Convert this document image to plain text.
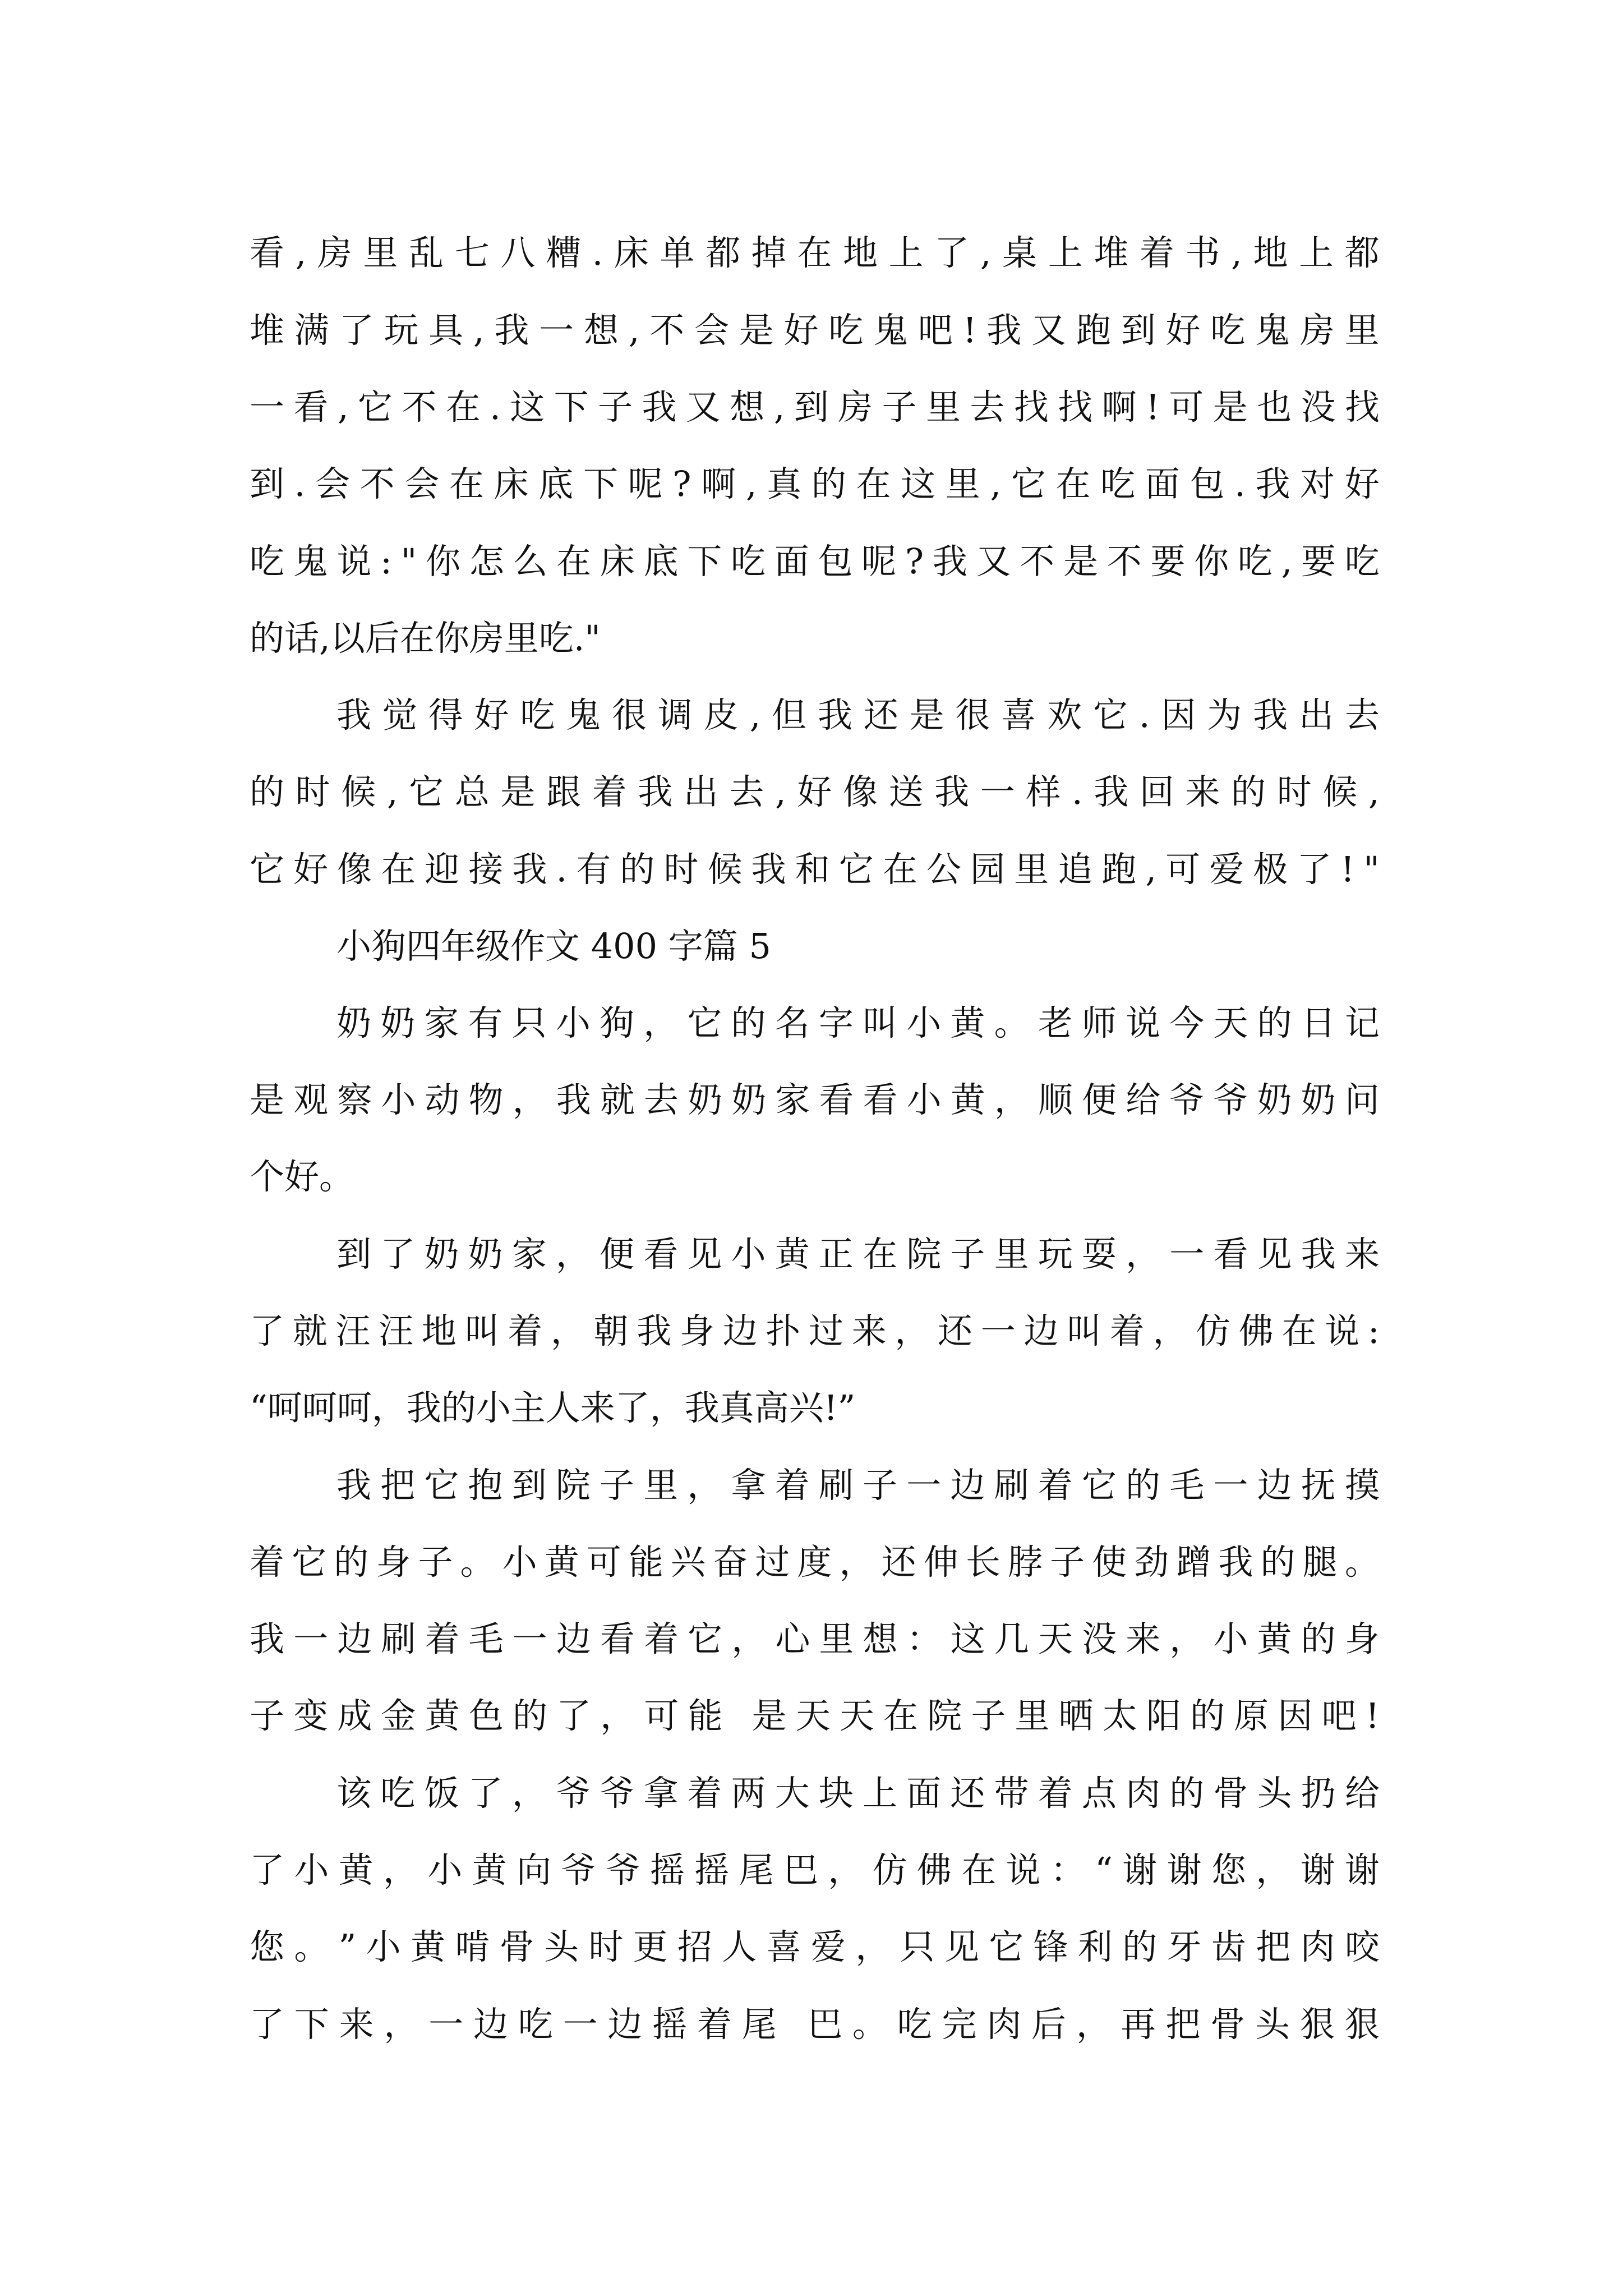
看 , 房 里 乱 七 八 糟 . 床 单 都 掉 在 地 上 了 , 桌 上 堆 着 书 , 地 上 都
堆 满 了 玩 具 , 我 一 想 , 不 会 是 好 吃 鬼 吧 ! 我 又 跑 到 好 吃 鬼 房 里
一 看 , 它 不 在 . 这 下 子 我 又 想 , 到 房 子 里 去 找 找 啊 ! 可 是 也 没 找
到 . 会 不 会 在 床 底 下 呢 ? 啊 , 真 的 在 这 里 , 它 在 吃 面 包 . 我 对 好
吃 鬼 说 : " 你 怎 么 在 床 底 下 吃 面 包 呢 ? 我 又 不 是 不 要 你 吃 , 要 吃
的话,以后在你房里吃."
我 觉 得 好 吃 鬼 很 调 皮 , 但 我 还 是 很 喜 欢 它 . 因 为 我 出 去
的 时 候 , 它 总 是 跟 着 我 出 去 , 好 像 送 我 一 样 . 我 回 来 的 时 候 ,
它 好 像 在 迎 接 我 . 有 的 时 候 我 和 它 在 公 园 里 追 跑 , 可 爱 极 了 ! "
小狗四年级作文 400 字篇 5
奶 奶 家 有 只 小 狗 ， 它 的 名 字 叫 小 黄 。 老 师 说 今 天 的 日 记
是 观 察 小 动 物 ， 我 就 去 奶 奶 家 看 看 小 黄 ， 顺 便 给 爷 爷 奶 奶 问
个好。
到 了 奶 奶 家 ， 便 看 见 小 黄 正 在 院 子 里 玩 耍 ， 一 看 见 我 来
了 就 汪 汪 地 叫 着 ， 朝 我 身 边 扑 过 来 ， 还 一 边 叫 着 ， 仿 佛 在 说 :
“呵呵呵，我的小主人来了，我真高兴!”
我 把 它 抱 到 院 子 里 ， 拿 着 刷 子 一 边 刷 着 它 的 毛 一 边 抚 摸
着 它 的 身 子 。 小 黄 可 能 兴 奋 过 度 ， 还 伸 长 脖 子 使 劲 蹭 我 的 腿 。
我 一 边 刷 着 毛 一 边 看 着 它 ， 心 里 想 ： 这 几 天 没 来 ， 小 黄 的 身
子 变 成 金 黄 色 的 了 ， 可 能
是 天 天 在 院 子 里 晒 太 阳 的 原 因 吧 !
该 吃 饭 了 ， 爷 爷 拿 着 两 大 块 上 面 还 带 着 点 肉 的 骨 头 扔 给
了 小 黄 ， 小 黄 向 爷 爷 摇 摇 尾 巴 ， 仿 佛 在 说 ： “ 谢 谢 您 ， 谢 谢
您 。 ” 小 黄 啃 骨 头 时 更 招 人 喜 爱 ， 只 见 它 锋 利 的 牙 齿 把 肉 咬
了 下 来 ， 一 边 吃 一 边 摇 着 尾
巴 。 吃 完 肉 后 ， 再 把 骨 头 狠 狠
